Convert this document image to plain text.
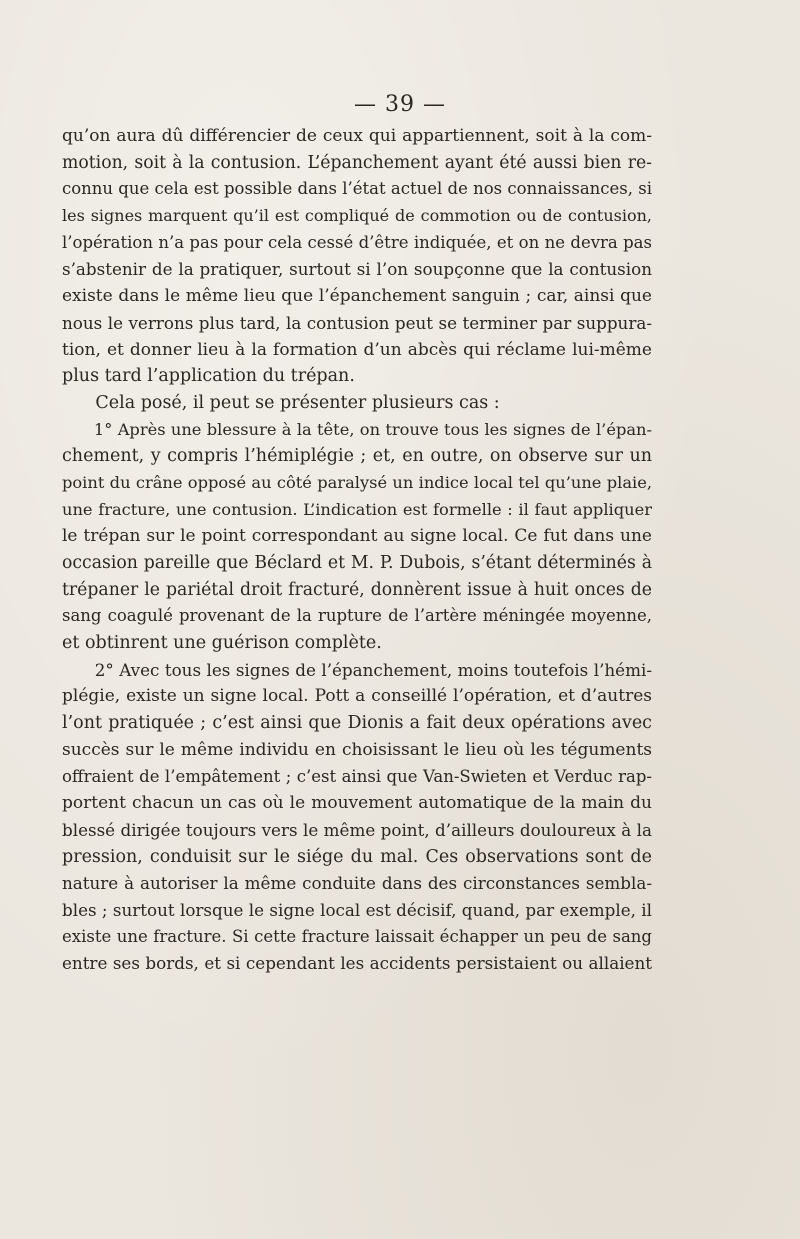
— 39 —
qu’on aura dû différencier de ceux qui appartiennent, soit à la com-
motion, soit à la contusion. L’épanchement ayant été aussi bien re-
connu que cela est possible dans l’état actuel de nos connaissances, si
les signes marquent qu’il est compliqué de commotion ou de contusion,
l’opération n’a pas pour cela cessé d’être indiquée, et on ne devra pas
s’abstenir de la pratiquer, surtout si l’on soupçonne que la contusion
existe dans le même lieu que l’épanchement sanguin ; car, ainsi que
nous le verrons plus tard, la contusion peut se terminer par suppura-
tion, et donner lieu à la formation d’un abcès qui réclame lui-même
plus tard l’application du trépan.
Cela posé, il peut se présenter plusieurs cas :
1° Après une blessure à la tête, on trouve tous les signes de l’épan-
chement, y compris l’hémiplégie ; et, en outre, on observe sur un
point du crâne opposé au côté paralysé un indice local tel qu’une plaie,
une fracture, une contusion. L’indication est formelle : il faut appliquer
le trépan sur le point correspondant au signe local. Ce fut dans une
occasion pareille que Béclard et M. P. Dubois, s’étant déterminés à
trépaner le pariétal droit fracturé, donnèrent issue à huit onces de
sang coagulé provenant de la rupture de l’artère méningée moyenne,
et obtinrent une guérison complète.
2° Avec tous les signes de l’épanchement, moins toutefois l’hémi-
plégie, existe un signe local. Pott a conseillé l’opération, et d’autres
l’ont pratiquée ; c’est ainsi que Dionis a fait deux opérations avec
succès sur le même individu en choisissant le lieu où les téguments
offraient de l’empâtement ; c’est ainsi que Van-Swieten et Verduc rap-
portent chacun un cas où le mouvement automatique de la main du
blessé dirigée toujours vers le même point, d’ailleurs douloureux à la
pression, conduisit sur le siége du mal. Ces observations sont de
nature à autoriser la même conduite dans des circonstances sembla-
bles ; surtout lorsque le signe local est décisif, quand, par exemple, il
existe une fracture. Si cette fracture laissait échapper un peu de sang
entre ses bords, et si cependant les accidents persistaient ou allaient
